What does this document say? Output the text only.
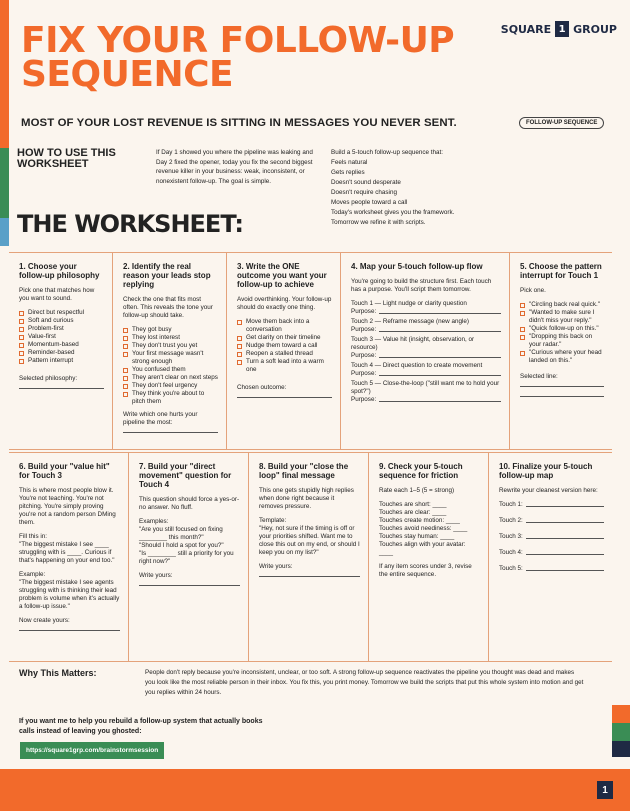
SQUARE 1 GROUP
FIX YOUR FOLLOW-UP SEQUENCE
MOST OF YOUR LOST REVENUE IS SITTING IN MESSAGES YOU NEVER SENT.	FOLLOW-UP SEQUENCE
HOW TO USE THIS WORKSHEET
If Day 1 showed you where the pipeline was leaking and Day 2 fixed the opener, today you fix the second biggest revenue killer in your business: weak, inconsistent, or nonexistent follow-up. The goal is simple.
Build a 5-touch follow-up sequence that:
Feels natural
Gets replies
Doesn't sound desperate
Doesn't require chasing
Moves people toward a call
Today's worksheet gives you the framework.
Tomorrow we refine it with scripts.
THE WORKSHEET:
1. Choose your follow-up philosophy

Pick one that matches how you want to sound.

Direct but respectful
Soft and curious
Problem-first
Value-first
Momentum-based
Reminder-based
Pattern interrupt
Selected philosophy:
2. Identify the real reason your leads stop replying

Check the one that fits most often. This reveals the tone your follow-up should take.

They got busy
They lost interest
They don't trust you yet
Your first message wasn't strong enough
You confused them
They aren't clear on next steps
They don't feel urgency
They think you're about to pitch them
Write which one hurts your pipeline the most:
3. Write the ONE outcome you want your follow-up to achieve

Avoid overthinking. Your follow-up should do exactly one thing.

Move them back into a conversation
Get clarity on their timeline
Nudge them toward a call
Reopen a stalled thread
Turn a soft lead into a warm one
Chosen outcome:
4. Map your 5-touch follow-up flow

You're going to build the structure first. Each touch has a purpose. You'll script them tomorrow.

Touch 1 — Light nudge or clarity question
Purpose:
Touch 2 — Reframe message (new angle)
Purpose:
Touch 3 — Value hit (insight, observation, or resource)
Purpose:
Touch 4 — Direct question to create movement
Purpose:
Touch 5 — Close-the-loop ("still want me to hold your spot?")
Purpose:
5. Choose the pattern interrupt for Touch 1

Pick one.

"Circling back real quick."
"Wanted to make sure I didn't miss your reply."
"Quick follow-up on this."
"Dropping this back on your radar."
"Curious where your head landed on this."
Selected line:
6. Build your "value hit" for Touch 3

This is where most people blow it. You're not teaching. You're not pitching. You're simply proving you're not a random person DMing them.

Fill this in:

"The biggest mistake I see ____ struggling with is ____. Curious if that's happening on your end too."

Example:

"The biggest mistake I see agents struggling with is thinking their lead problem is volume when it's actually a follow-up issue."

Now create yours:
7. Build your "direct movement" question for Touch 4

This question should force a yes-or-no answer. No fluff.

Examples:
"Are you still focused on fixing ________ this month?"
"Should I hold a spot for you?"

"Is ________ still a priority for you right now?"

Write yours:
8. Build your "close the loop" final message

This one gets stupidly high replies when done right because it removes pressure.

Template:

"Hey, not sure if the timing is off or your priorities shifted. Want me to close this out on my end, or should I keep you on my list?"

Write yours:
9. Check your 5-touch sequence for friction

Rate each 1–5 (5 = strong)

Touches are short: ____
Touches are clear: ____
Touches create motion: ____
Touches avoid neediness: ____
Touches stay human: ____

Touches align with your avatar: ____

If any item scores under 3, revise the entire sequence.
10. Finalize your 5-touch follow-up map

Rewrite your cleanest version here:

Touch 1:
Touch 2:
Touch 3:
Touch 4:
Touch 5:
Why This Matters:	People don't reply because you're inconsistent, unclear, or too soft. A strong follow-up sequence reactivates the pipeline you thought was dead and makes you look like the most reliable person in their inbox. You fix this, you print money. Tomorrow we build the scripts that put this whole system into motion and get you replies within 24 hours.
If you want me to help you rebuild a follow-up system that actually books calls instead of leaving you ghosted:
https://square1grp.com/brainstormsession
1
